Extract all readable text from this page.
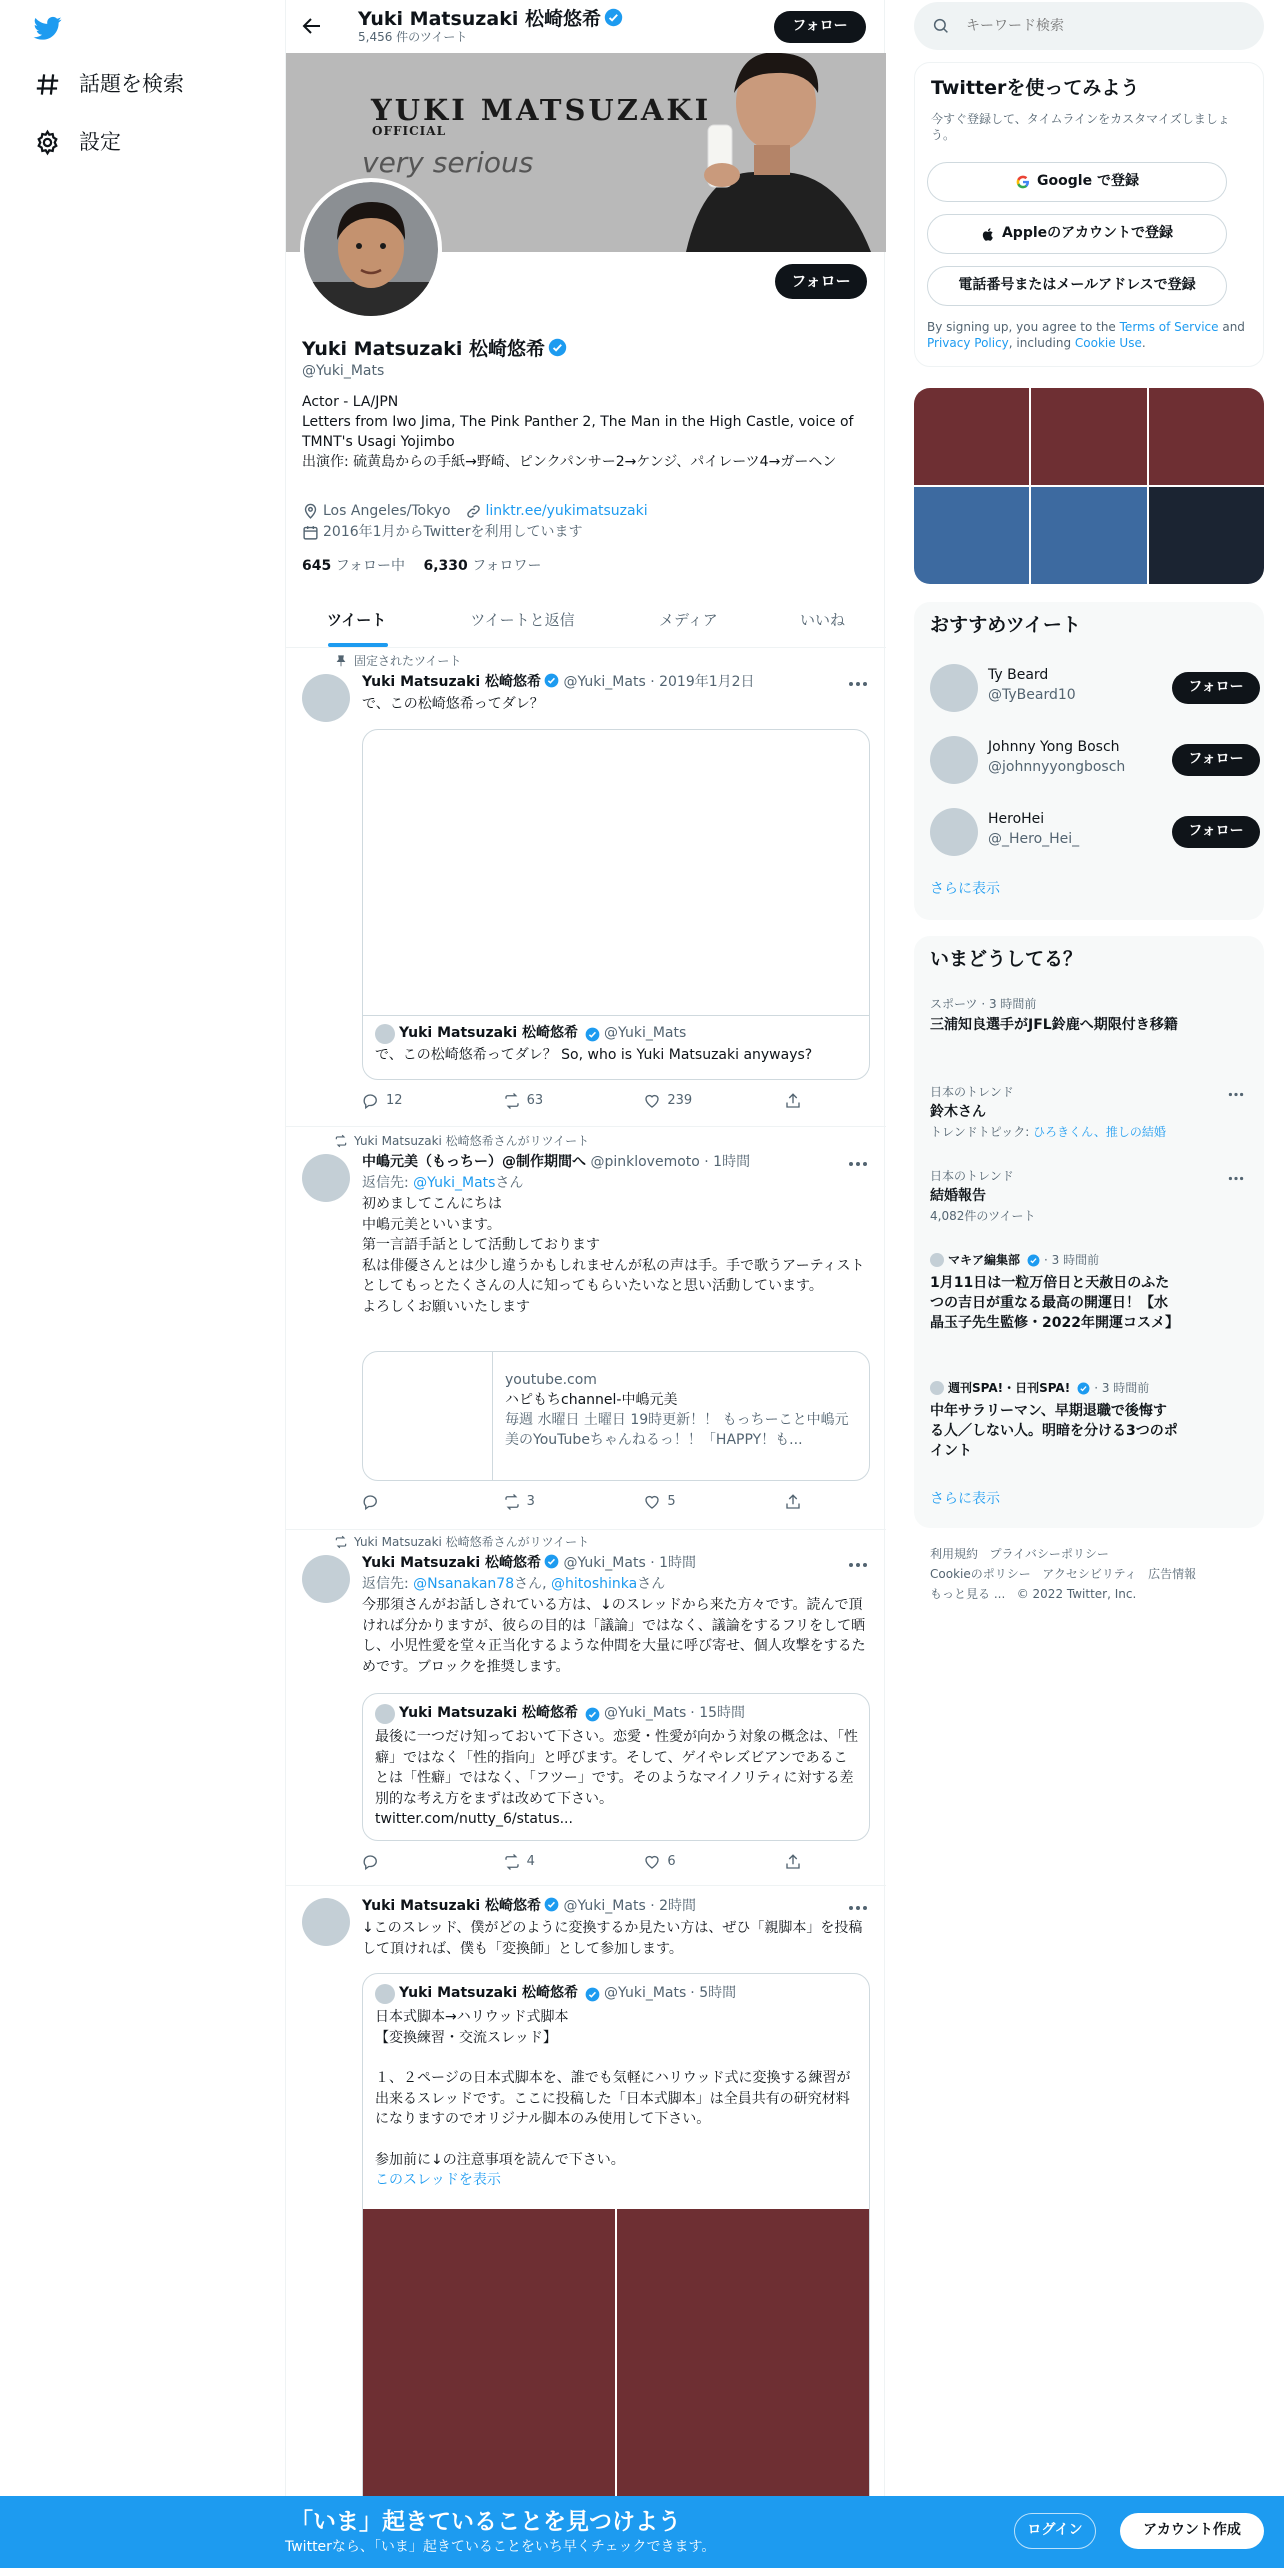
話題を検索
設定
Yuki Matsuzaki 松崎悠希
5,456 件のツイート
フォロー
YUKI MATSUZAKI
OFFICIAL
very serious
フォロー
Yuki Matsuzaki 松崎悠希
@Yuki_Mats
Actor - LA/JPN
Letters from Iwo Jima, The Pink Panther 2, The Man in the High Castle, voice of TMNT's Usagi Yojimbo
出演作: 硫黄島からの手紙→野崎、ピンクパンサー2→ケンジ、パイレーツ4→ガーヘン
Los Angeles/Tokyo	linktr.ee/yukimatsuzaki
2016年1月からTwitterを利用しています
645 フォロー中 6,330 フォロワー
ツイート	ツイートと返信	メディア	いいね
固定されたツイート
Yuki Matsuzaki 松崎悠希 @Yuki_Mats · 2019年1月2日
で、この松崎悠希ってダレ？
Yuki Matsuzaki 松崎悠希 @Yuki_Mats
で、この松崎悠希ってダレ？ So, who is Yuki Matsuzaki anyways?
12	63	239
Yuki Matsuzaki 松崎悠希さんがリツイート
中嶋元美（もっちー）@制作期間へ @pinklovemoto · 1時間
返信先: @Yuki_Matsさん
初めましてこんにちは
中嶋元美といいます。
第一言語手話として活動しております
私は俳優さんとは少し違うかもしれませんが私の声は手。手で歌うアーティストとしてもっとたくさんの人に知ってもらいたいなと思い活動しています。
よろしくお願いいたします
youtube.com
ハピもちchannel-中嶋元美
毎週 水曜日 土曜日 19時更新！！ もっちーこと中嶋元美のYouTubeちゃんねるっ！！「HAPPY！も...
3	5
Yuki Matsuzaki 松崎悠希さんがリツイート
Yuki Matsuzaki 松崎悠希 @Yuki_Mats · 1時間
返信先: @Nsanakan78さん, @hitoshinkaさん
今那須さんがお話しされている方は、↓のスレッドから来た方々です。読んで頂ければ分かりますが、彼らの目的は「議論」ではなく、議論をするフリをして晒し、小児性愛を堂々正当化するような仲間を大量に呼び寄せ、個人攻撃をするためです。ブロックを推奨します。
Yuki Matsuzaki 松崎悠希 @Yuki_Mats · 15時間
最後に一つだけ知っておいて下さい。恋愛・性愛が向かう対象の概念は、「性癖」ではなく「性的指向」と呼びます。そして、ゲイやレズビアンであることは「性癖」ではなく、「フツー」です。そのようなマイノリティに対する差別的な考え方をまずは改めて下さい。
twitter.com/nutty_6/status...
4	6
Yuki Matsuzaki 松崎悠希 @Yuki_Mats · 2時間
↓このスレッド、僕がどのように変換するか見たい方は、ぜひ「親脚本」を投稿して頂ければ、僕も「変換師」として参加します。
Yuki Matsuzaki 松崎悠希 @Yuki_Mats · 5時間
日本式脚本→ハリウッド式脚本
【変換練習・交流スレッド】
１、２ページの日本式脚本を、誰でも気軽にハリウッド式に変換する練習が出来るスレッドです。ここに投稿した「日本式脚本」は全員共有の研究材料になりますのでオリジナル脚本のみ使用して下さい。
参加前に↓の注意事項を読んで下さい。
このスレッドを表示
キーワード検索
Twitterを使ってみよう
今すぐ登録して、タイムラインをカスタマイズしましょう。
Google で登録
Appleのアカウントで登録
電話番号またはメールアドレスで登録
By signing up, you agree to the Terms of Service and Privacy Policy, including Cookie Use.
おすすめツイート
Ty Beard
@TyBeard10	フォロー
Johnny Yong Bosch
@johnnyyongbosch	フォロー
HeroHei
@_Hero_Hei_	フォロー
さらに表示
いまどうしてる？
スポーツ · 3 時間前
三浦知良選手がJFL鈴鹿へ期限付き移籍
日本のトレンド
鈴木さん
トレンドトピック: ひろきくん、推しの結婚
日本のトレンド
結婚報告
4,082件のツイート
マキア編集部 · 3 時間前
1月11日は一粒万倍日と天赦日のふたつの吉日が重なる最高の開運日！【水晶玉子先生監修・2022年開運コスメ】
週刊SPA!・日刊SPA! · 3 時間前
中年サラリーマン、早期退職で後悔する人／しない人。明暗を分ける3つのポイント
さらに表示
利用規約 プライバシーポリシー
Cookieのポリシー アクセシビリティ 広告情報
もっと見る ... © 2022 Twitter, Inc.
「いま」起きていることを見つけよう
Twitterなら、「いま」起きていることをいち早くチェックできます。
ログイン	アカウント作成
